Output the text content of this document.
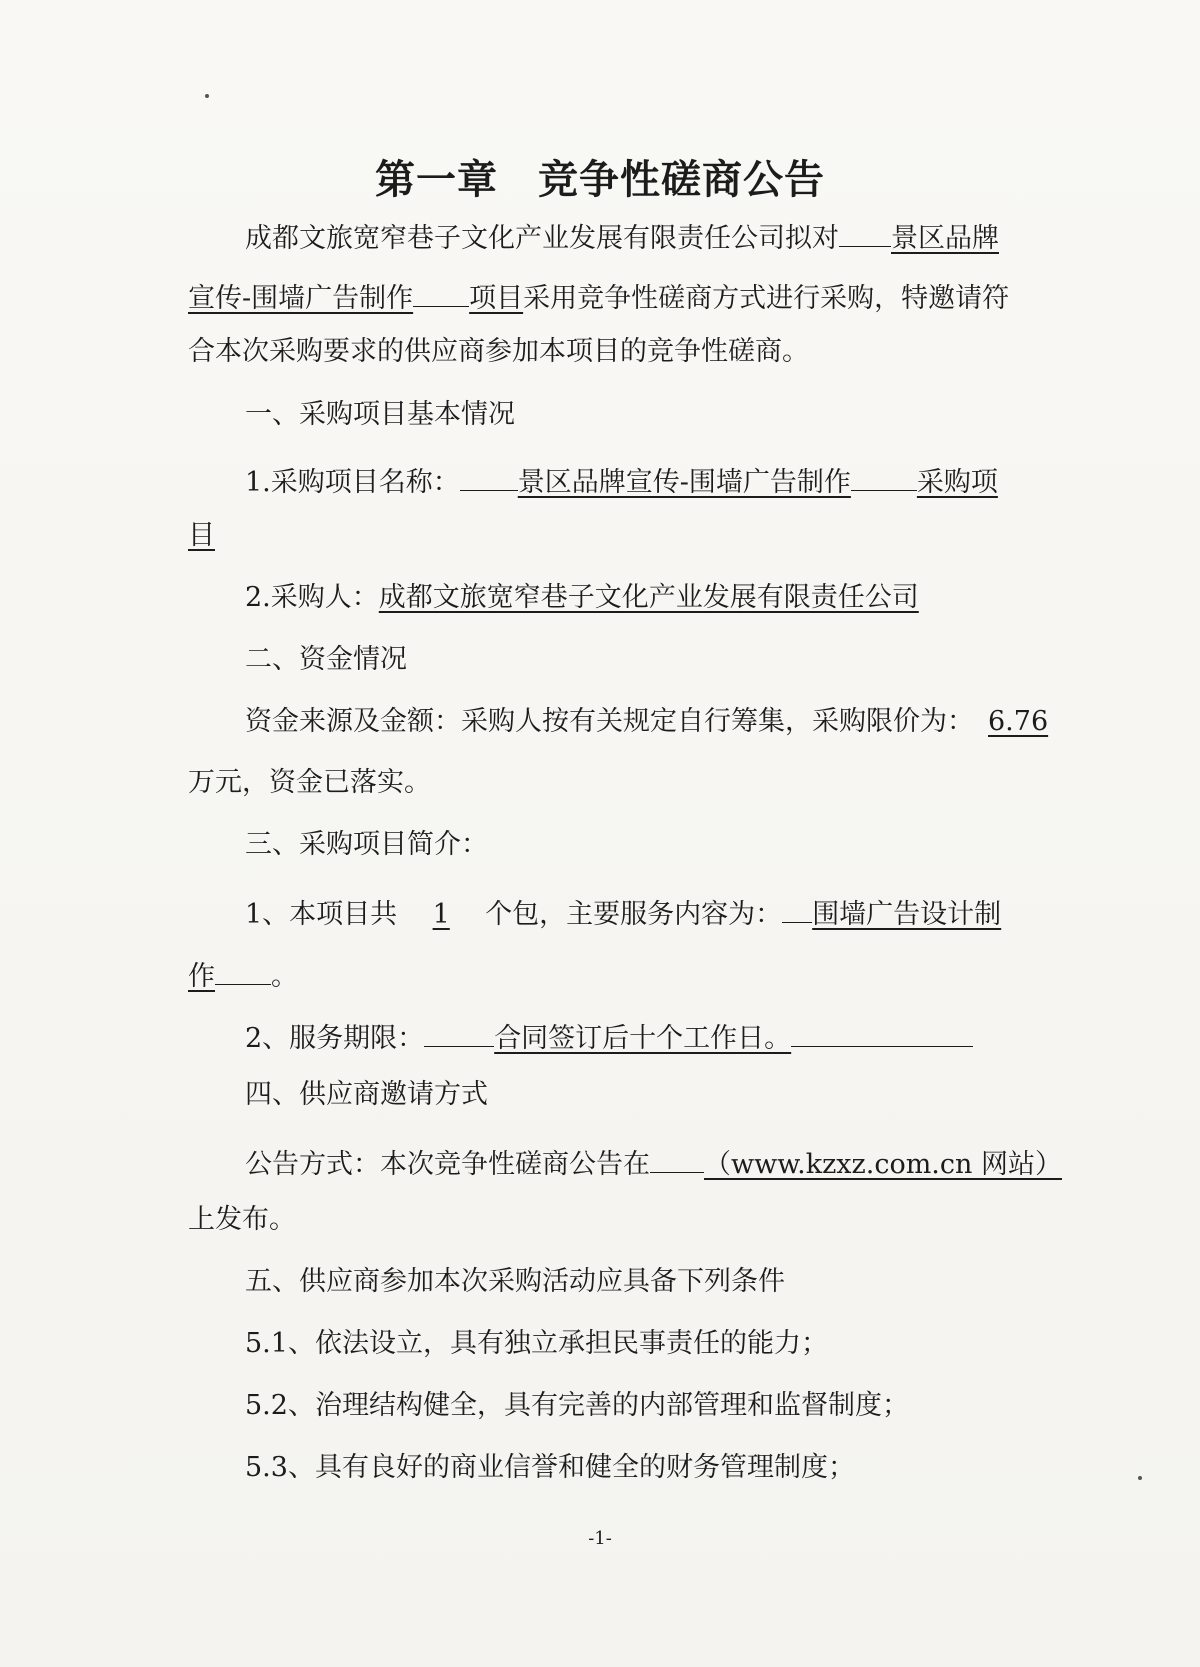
第一章 竞争性磋商公告
成都文旅宽窄巷子文化产业发展有限责任公司拟对 景区品牌
宣传-围墙广告制作 项目采用竞争性磋商方式进行采购，特邀请符
合本次采购要求的供应商参加本项目的竞争性磋商。
一、采购项目基本情况
1.采购项目名称： 景区品牌宣传-围墙广告制作 采购项
目
2.采购人：成都文旅宽窄巷子文化产业发展有限责任公司
二、资金情况
资金来源及金额：采购人按有关规定自行筹集，采购限价为： 6.76
万元，资金已落实。
三、采购项目简介：
1、本项目共 1 个包，主要服务内容为： 围墙广告设计制
作 。
2、服务期限：	合同签订后十个工作日。
四、供应商邀请方式
公告方式：本次竞争性磋商公告在 （www.kzxz.com.cn 网站）
上发布。
五、供应商参加本次采购活动应具备下列条件
5.1、依法设立，具有独立承担民事责任的能力；
5.2、治理结构健全，具有完善的内部管理和监督制度；
5.3、具有良好的商业信誉和健全的财务管理制度；
-1-
